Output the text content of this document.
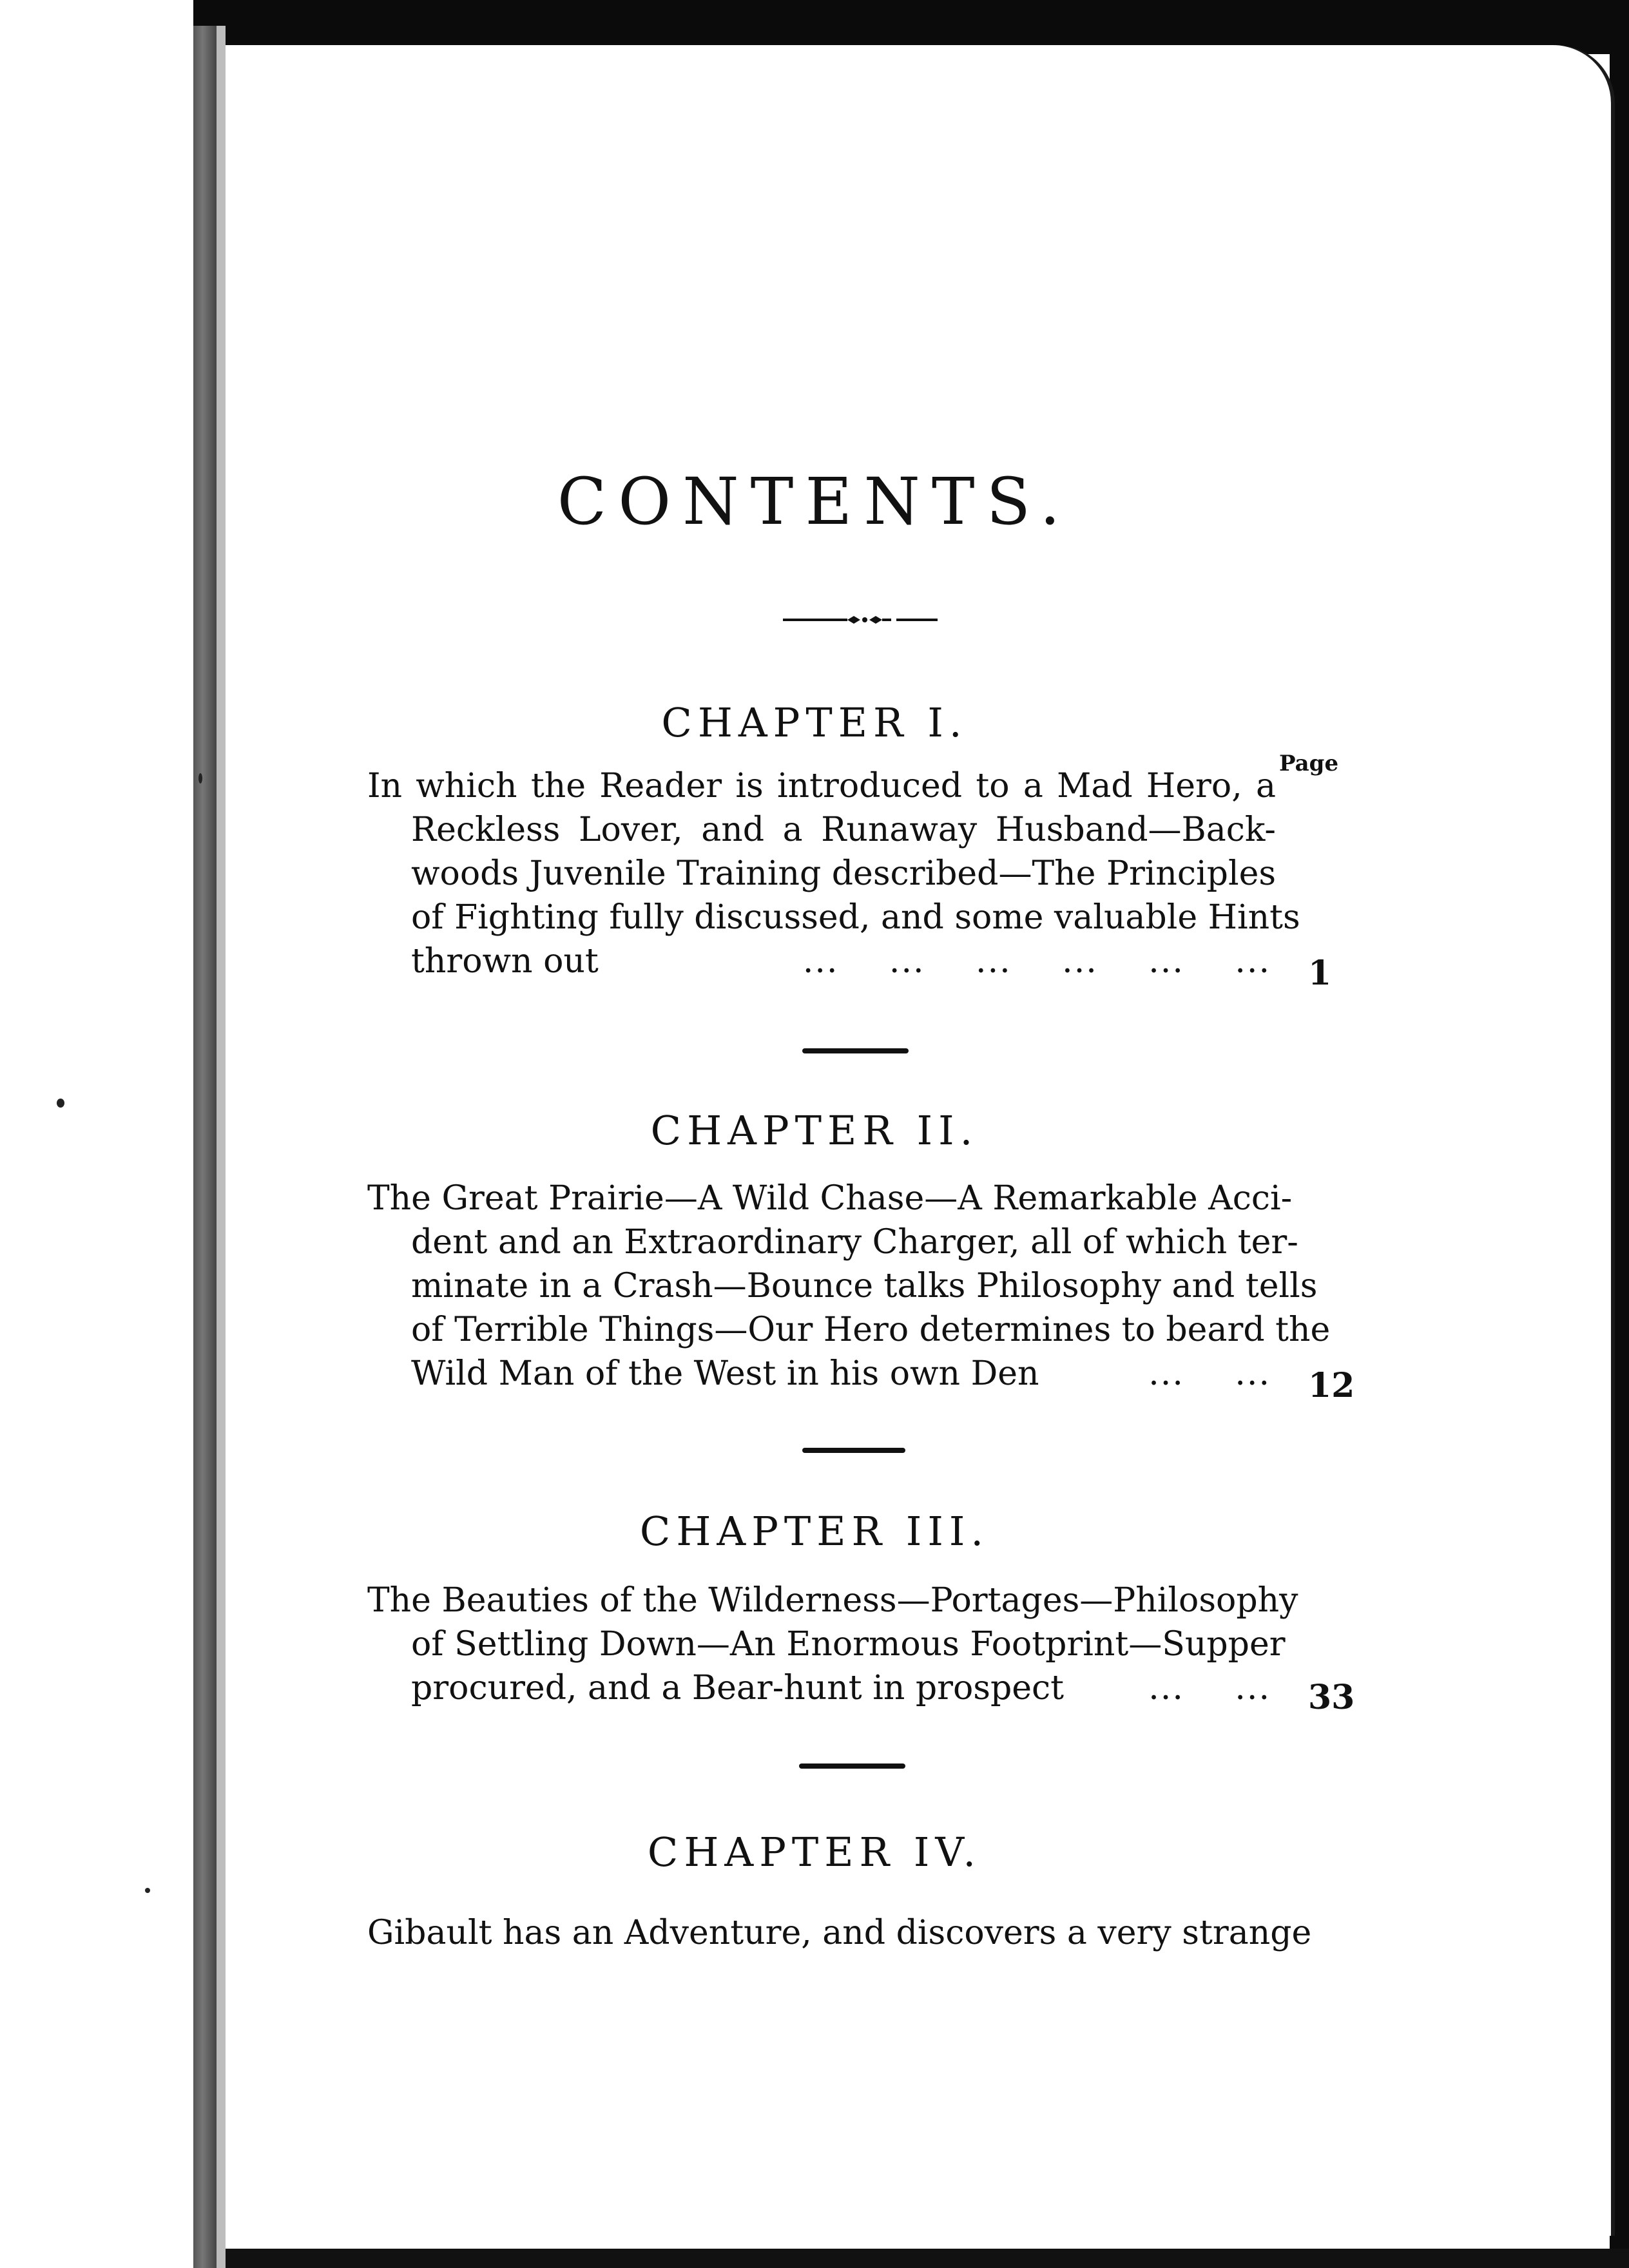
CONTENTS.
CHAPTER I.
Page
In which the Reader is introduced to a Mad Hero, a
Reckless Lover, and a Runaway Husband—Back-
woods Juvenile Training described—The Principles
of Fighting fully discussed, and some valuable Hints
thrown out	... ... ... ... ... ... 1
CHAPTER II.
The Great Prairie—A Wild Chase—A Remarkable Acci-
dent and an Extraordinary Charger, all of which ter-
minate in a Crash—Bounce talks Philosophy and tells
of Terrible Things—Our Hero determines to beard the
Wild Man of the West in his own Den	... ... 12
CHAPTER III.
The Beauties of the Wilderness—Portages—Philosophy
of Settling Down—An Enormous Footprint—Supper
procured, and a Bear-hunt in prospect	... ... 33
CHAPTER IV.
Gibault has an Adventure, and discovers a very strange
